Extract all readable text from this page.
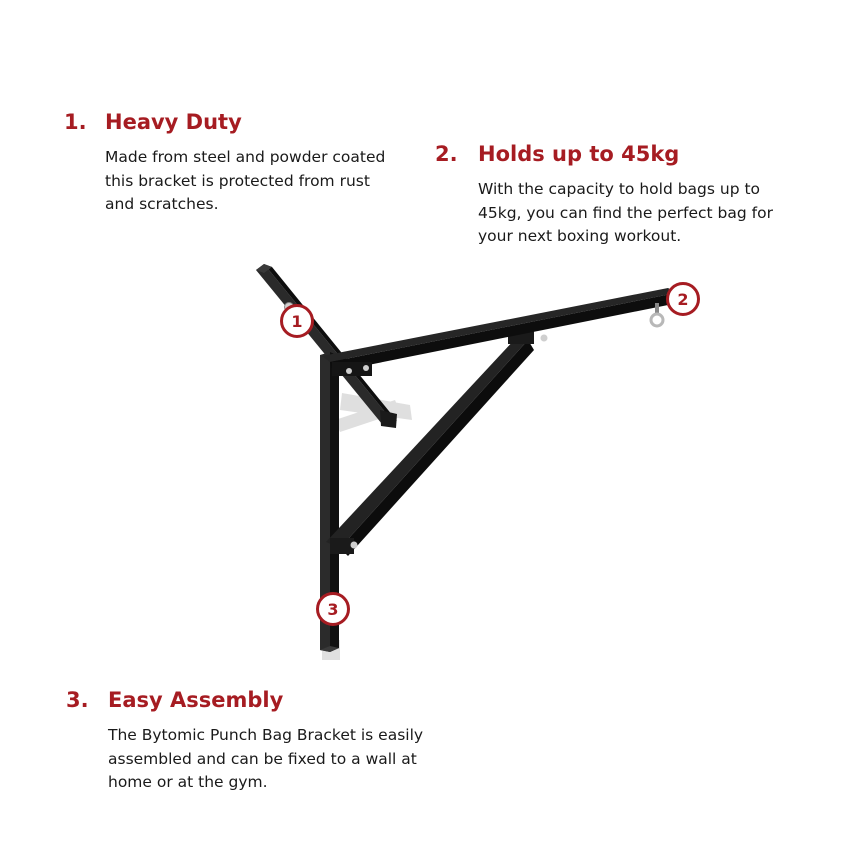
1. Heavy Duty
Made from steel and powder coated this bracket is protected from rust and scratches.
2. Holds up to 45kg
With the capacity to hold bags up to 45kg, you can find the perfect bag for your next boxing workout.
3. Easy Assembly
The Bytomic Punch Bag Bracket is easily assembled and can be fixed to a wall at home or at the gym.
1
2
3
